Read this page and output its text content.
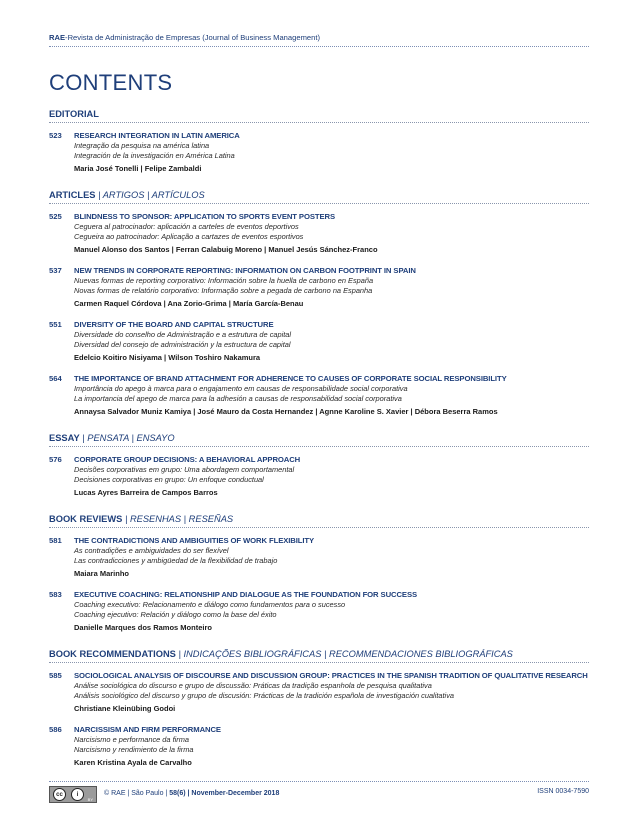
RAE-Revista de Administração de Empresas (Journal of Business Management)
CONTENTS
EDITORIAL
523	RESEARCH INTEGRATION IN LATIN AMERICA
Integração da pesquisa na américa latina
Integración de la investigación en América Latina
Maria José Tonelli | Felipe Zambaldi
ARTICLES | ARTIGOS | ARTÍCULOS
525	BLINDNESS TO SPONSOR: APPLICATION TO SPORTS EVENT POSTERS
Ceguera al patrocinador: aplicación a carteles de eventos deportivos
Cegueira ao patrocinador: Aplicação a cartazes de eventos esportivos
Manuel Alonso dos Santos | Ferran Calabuig Moreno | Manuel Jesús Sánchez-Franco
537	NEW TRENDS IN CORPORATE REPORTING: INFORMATION ON CARBON FOOTPRINT IN SPAIN
Nuevas formas de reporting corporativo: Información sobre la huella de carbono en España
Novas formas de relatório corporativo: Informação sobre a pegada de carbono na Espanha
Carmen Raquel Córdova | Ana Zorio-Grima | María García-Benau
551	DIVERSITY OF THE BOARD AND CAPITAL STRUCTURE
Diversidade do conselho de Administração e a estrutura de capital
Diversidad del consejo de administración y la estructura de capital
Edelcio Koitiro Nisiyama | Wilson Toshiro Nakamura
564	THE IMPORTANCE OF BRAND ATTACHMENT FOR ADHERENCE TO CAUSES OF CORPORATE SOCIAL RESPONSIBILITY
Importância do apego à marca para o engajamento em causas de responsabilidade social corporativa
La importancia del apego de marca para la adhesión a causas de responsabilidad social corporativa
Annaysa Salvador Muniz Kamiya | José Mauro da Costa Hernandez | Agnne Karoline S. Xavier | Débora Beserra Ramos
ESSAY | PENSATA | ENSAYO
576	CORPORATE GROUP DECISIONS: A BEHAVIORAL APPROACH
Decisões corporativas em grupo: Uma abordagem comportamental
Decisiones corporativas en grupo: Un enfoque conductual
Lucas Ayres Barreira de Campos Barros
BOOK REVIEWS | RESENHAS | RESEÑAS
581	THE CONTRADICTIONS AND AMBIGUITIES OF WORK FLEXIBILITY
As contradições e ambiguidades do ser flexível
Las contradicciones y ambigüedad de la flexibilidad de trabajo
Maiara Marinho
583	EXECUTIVE COACHING: RELATIONSHIP AND DIALOGUE AS THE FOUNDATION FOR SUCCESS
Coaching executivo: Relacionamento e diálogo como fundamentos para o sucesso
Coaching ejecutivo: Relación y diálogo como la base del éxito
Danielle Marques dos Ramos Monteiro
BOOK RECOMMENDATIONS | INDICAÇÕES BIBLIOGRÁFICAS | RECOMMENDACIONES BIBLIOGRÁFICAS
585	SOCIOLOGICAL ANALYSIS OF DISCOURSE AND DISCUSSION GROUP: PRACTICES IN THE SPANISH TRADITION OF QUALITATIVE RESEARCH
Análise sociológica do discurso e grupo de discussão: Práticas da tradição espanhola de pesquisa qualitativa
Análisis sociológico del discurso y grupo de discusión: Prácticas de la tradición española de investigación cualitativa
Christiane Kleinübing Godoi
586	NARCISSISM AND FIRM PERFORMANCE
Narcisismo e performance da firma
Narcisismo y rendimiento de la firma
Karen Kristina Ayala de Carvalho
cc	i
BY
© RAE | São Paulo | 58(6) | November-December 2018	ISSN 0034-7590
